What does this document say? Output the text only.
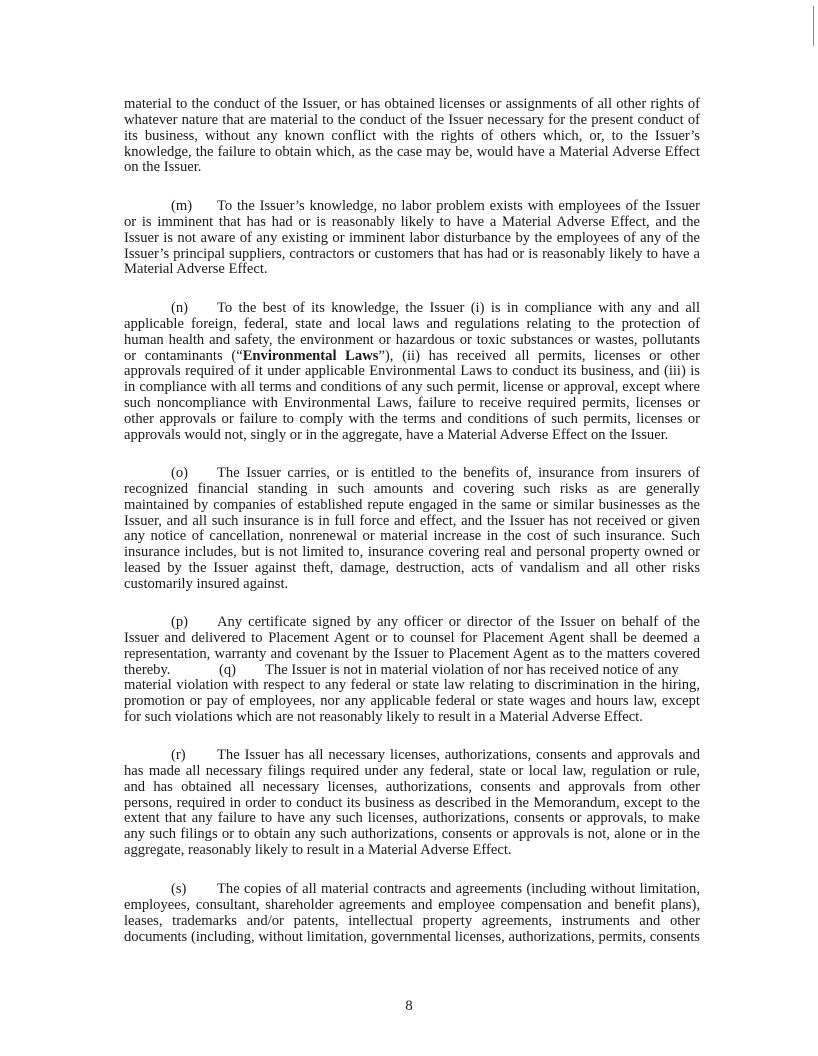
material to the conduct of the Issuer, or has obtained licenses or assignments of all other rights of
whatever nature that are material to the conduct of the Issuer necessary for the present conduct of
its business, without any known conflict with the rights of others which, or, to the Issuer’s
knowledge, the failure to obtain which, as the case may be, would have a Material Adverse Effect
on the Issuer.
(m) To the Issuer’s knowledge, no labor problem exists with employees of the Issuer
or is imminent that has had or is reasonably likely to have a Material Adverse Effect, and the
Issuer is not aware of any existing or imminent labor disturbance by the employees of any of the
Issuer’s principal suppliers, contractors or customers that has had or is reasonably likely to have a
Material Adverse Effect.
(n) To the best of its knowledge, the Issuer (i) is in compliance with any and all
applicable foreign, federal, state and local laws and regulations relating to the protection of
human health and safety, the environment or hazardous or toxic substances or wastes, pollutants
or contaminants (“Environmental Laws”), (ii) has received all permits, licenses or other
approvals required of it under applicable Environmental Laws to conduct its business, and (iii) is
in compliance with all terms and conditions of any such permit, license or approval, except where
such noncompliance with Environmental Laws, failure to receive required permits, licenses or
other approvals or failure to comply with the terms and conditions of such permits, licenses or
approvals would not, singly or in the aggregate, have a Material Adverse Effect on the Issuer.
(o) The Issuer carries, or is entitled to the benefits of, insurance from insurers of
recognized financial standing in such amounts and covering such risks as are generally
maintained by companies of established repute engaged in the same or similar businesses as the
Issuer, and all such insurance is in full force and effect, and the Issuer has not received or given
any notice of cancellation, nonrenewal or material increase in the cost of such insurance. Such
insurance includes, but is not limited to, insurance covering real and personal property owned or
leased by the Issuer against theft, damage, destruction, acts of vandalism and all other risks
customarily insured against.
(p) Any certificate signed by any officer or director of the Issuer on behalf of the
Issuer and delivered to Placement Agent or to counsel for Placement Agent shall be deemed a
representation, warranty and covenant by the Issuer to Placement Agent as to the matters covered
thereby.	(q) The Issuer is not in material violation of nor has received notice of any
material violation with respect to any federal or state law relating to discrimination in the hiring,
promotion or pay of employees, nor any applicable federal or state wages and hours law, except
for such violations which are not reasonably likely to result in a Material Adverse Effect.
(r) The Issuer has all necessary licenses, authorizations, consents and approvals and
has made all necessary filings required under any federal, state or local law, regulation or rule,
and has obtained all necessary licenses, authorizations, consents and approvals from other
persons, required in order to conduct its business as described in the Memorandum, except to the
extent that any failure to have any such licenses, authorizations, consents or approvals, to make
any such filings or to obtain any such authorizations, consents or approvals is not, alone or in the
aggregate, reasonably likely to result in a Material Adverse Effect.
(s) The copies of all material contracts and agreements (including without limitation,
employees, consultant, shareholder agreements and employee compensation and benefit plans),
leases, trademarks and/or patents, intellectual property agreements, instruments and other
documents (including, without limitation, governmental licenses, authorizations, permits, consents
8
